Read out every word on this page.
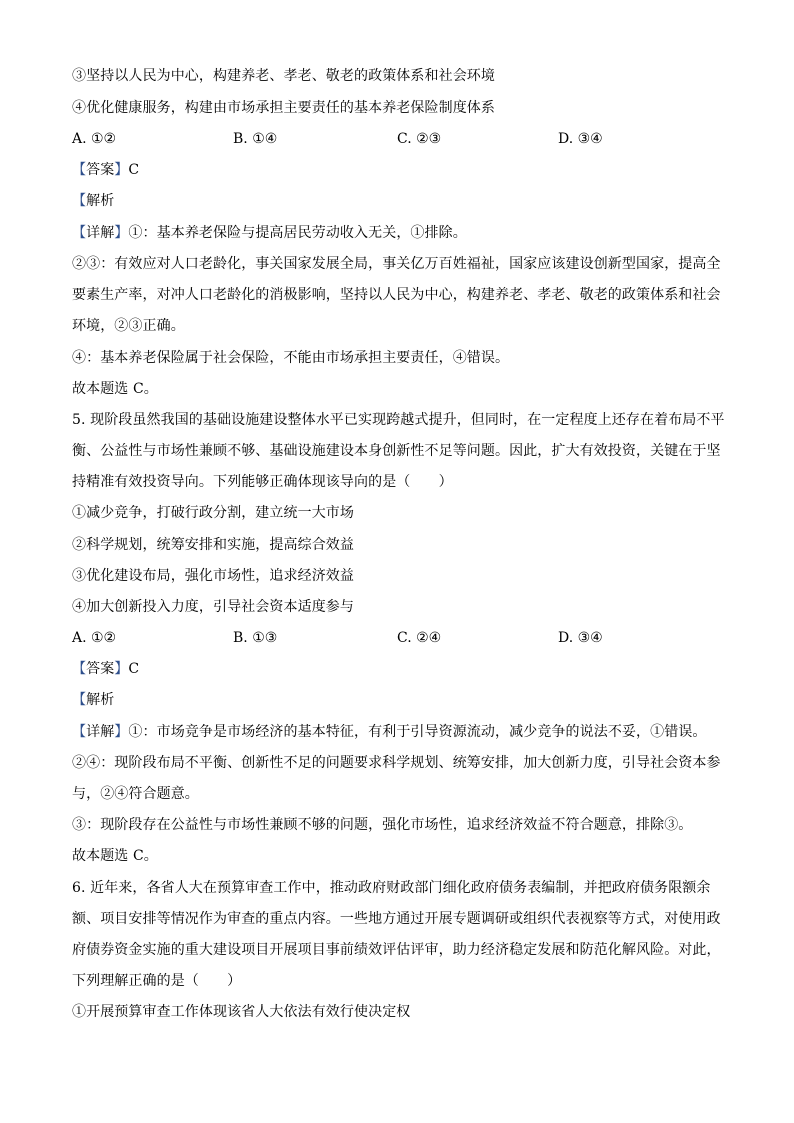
③坚持以人民为中心，构建养老、孝老、敬老的政策体系和社会环境
④优化健康服务，构建由市场承担主要责任的基本养老保险制度体系
A. ①②	B. ①④	C. ②③	D. ③④
【答案】C
【解析
【详解】①：基本养老保险与提高居民劳动收入无关，①排除。
②③：有效应对人口老龄化，事关国家发展全局，事关亿万百姓福祉，国家应该建设创新型国家，提高全
要素生产率，对冲人口老龄化的消极影响，坚持以人民为中心，构建养老、孝老、敬老的政策体系和社会
环境，②③正确。
④：基本养老保险属于社会保险，不能由市场承担主要责任，④错误。
故本题选 C。
5. 现阶段虽然我国的基础设施建设整体水平已实现跨越式提升，但同时，在一定程度上还存在着布局不平
衡、公益性与市场性兼顾不够、基础设施建设本身创新性不足等问题。因此，扩大有效投资，关键在于坚
持精准有效投资导向。下列能够正确体现该导向的是（　　）
①减少竞争，打破行政分割，建立统一大市场
②科学规划，统筹安排和实施，提高综合效益
③优化建设布局，强化市场性，追求经济效益
④加大创新投入力度，引导社会资本适度参与
A. ①②	B. ①③	C. ②④	D. ③④
【答案】C
【解析
【详解】①：市场竞争是市场经济的基本特征，有利于引导资源流动，减少竞争的说法不妥，①错误。
②④：现阶段布局不平衡、创新性不足的问题要求科学规划、统筹安排，加大创新力度，引导社会资本参
与，②④符合题意。
③：现阶段存在公益性与市场性兼顾不够的问题，强化市场性，追求经济效益不符合题意，排除③。
故本题选 C。
6. 近年来，各省人大在预算审查工作中，推动政府财政部门细化政府债务表编制，并把政府债务限额余
额、项目安排等情况作为审查的重点内容。一些地方通过开展专题调研或组织代表视察等方式，对使用政
府债券资金实施的重大建设项目开展项目事前绩效评估评审，助力经济稳定发展和防范化解风险。对此，
下列理解正确的是（　　）
①开展预算审查工作体现该省人大依法有效行使决定权
